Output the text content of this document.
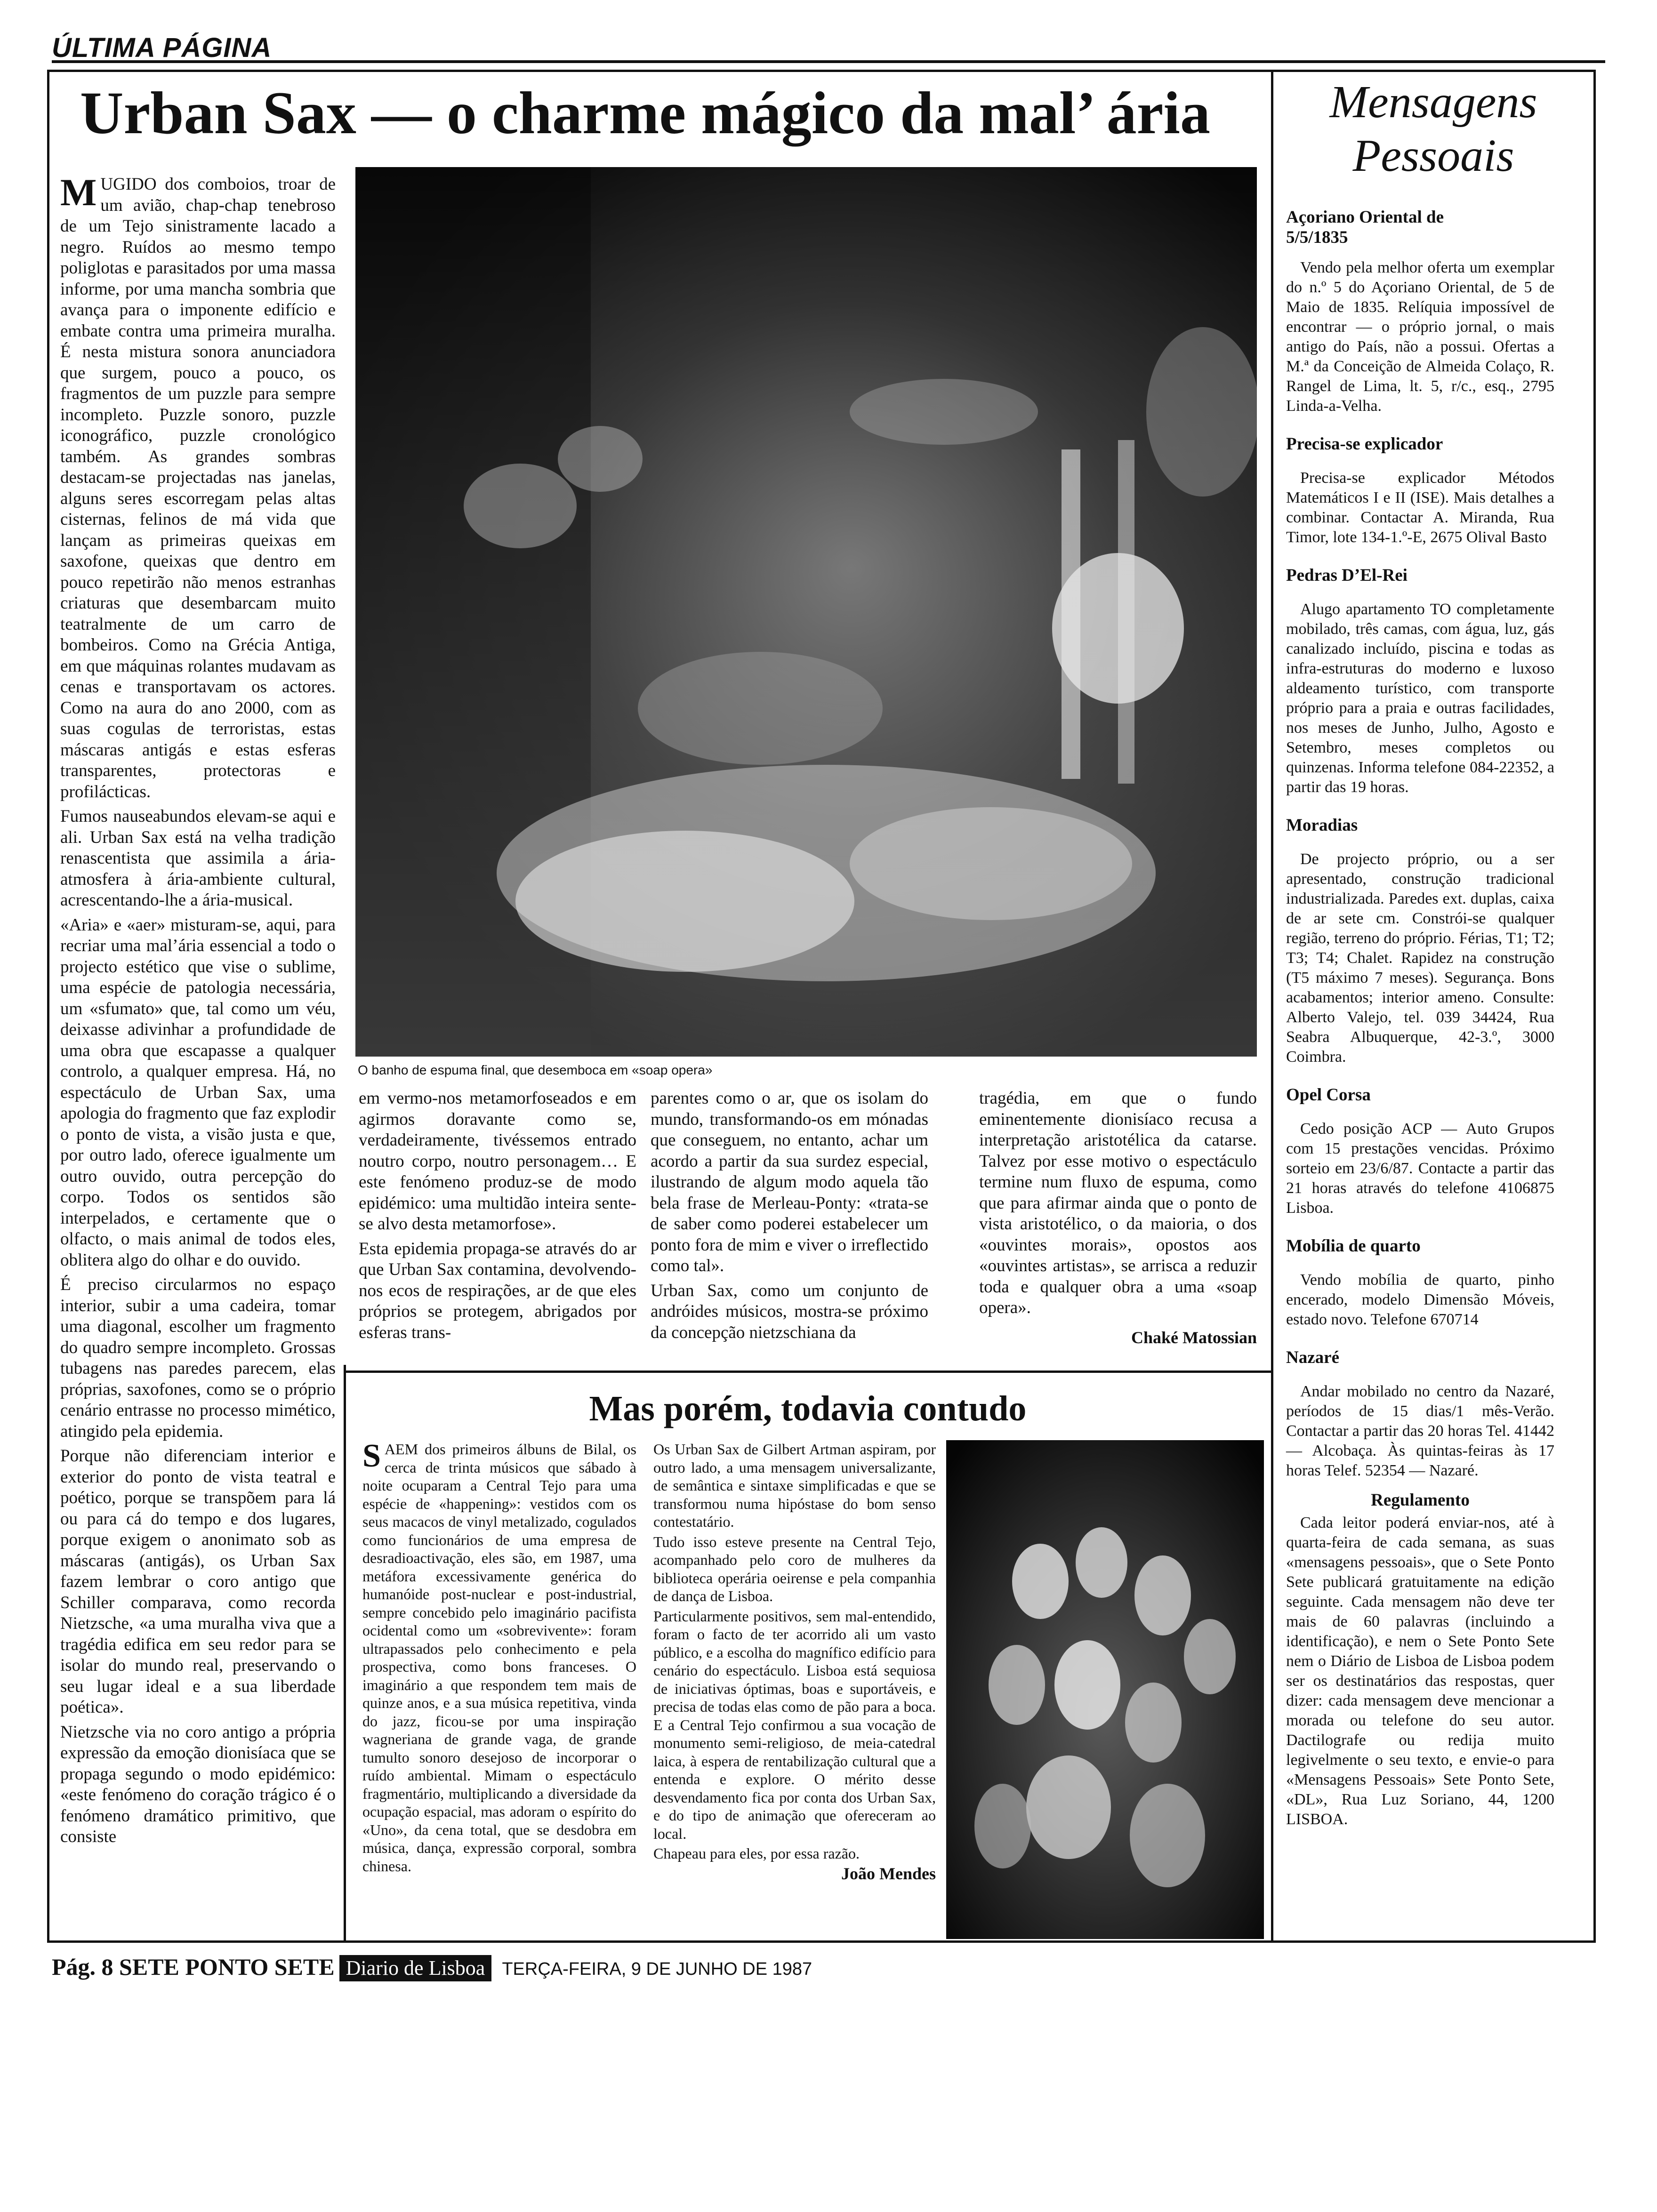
ÚLTIMA PÁGINA
Urban Sax — o charme mágico da mal’ ária

MUGIDO dos comboios, troar de um avião, chap-chap tenebroso de um Tejo sinistramente lacado a negro. Ruídos ao mesmo tempo poliglotas e parasitados por uma massa informe, por uma mancha sombria que avança para o imponente edifício e embate contra uma primeira muralha. É nesta mistura sonora anunciadora que surgem, pouco a pouco, os fragmentos de um puzzle para sempre incompleto. Puzzle sonoro, puzzle iconográfico, puzzle cronológico também. As grandes sombras destacam-se projectadas nas janelas, alguns seres escorregam pelas altas cisternas, felinos de má vida que lançam as primeiras queixas em saxofone, queixas que dentro em pouco repetirão não menos estranhas criaturas que desembarcam muito teatralmente de um carro de bombeiros. Como na Grécia Antiga, em que máquinas rolantes mudavam as cenas e transportavam os actores. Como na aura do ano 2000, com as suas cogulas de terroristas, estas máscaras antigás e estas esferas transparentes, protectoras e profilácticas.

Fumos nauseabundos elevam-se aqui e ali. Urban Sax está na velha tradição renascentista que assimila a ária-atmosfera à ária-ambiente cultural, acrescentando-lhe a ária-musical.

«Aria» e «aer» misturam-se, aqui, para recriar uma mal’ária essencial a todo o projecto estético que vise o sublime, uma espécie de patologia necessária, um «sfumato» que, tal como um véu, deixasse adivinhar a profundidade de uma obra que escapasse a qualquer controlo, a qualquer empresa. Há, no espectáculo de Urban Sax, uma apologia do fragmento que faz explodir o ponto de vista, a visão justa e que, por outro lado, oferece igualmente um outro ouvido, outra percepção do corpo. Todos os sentidos são interpelados, e certamente que o olfacto, o mais animal de todos eles, oblitera algo do olhar e do ouvido.

É preciso circularmos no espaço interior, subir a uma cadeira, tomar uma diagonal, escolher um fragmento do quadro sempre incompleto. Grossas tubagens nas paredes parecem, elas próprias, saxofones, como se o próprio cenário entrasse no processo mimético, atingido pela epidemia.

Porque não diferenciam interior e exterior do ponto de vista teatral e poético, porque se transpõem para lá ou para cá do tempo e dos lugares, porque exigem o anonimato sob as máscaras (antigás), os Urban Sax fazem lembrar o coro antigo que Schiller comparava, como recorda Nietzsche, «a uma muralha viva que a tragédia edifica em seu redor para se isolar do mundo real, preservando o seu lugar ideal e a sua liberdade poética».

Nietzsche via no coro antigo a própria expressão da emoção dionisíaca que se propaga segundo o modo epidémico: «este fenómeno do coração trágico é o fenómeno dramático primitivo, que consiste

O banho de espuma final, que desemboca em «soap opera»

em vermo-nos metamorfoseados e em agirmos doravante como se, verdadeiramente, tivéssemos entrado noutro corpo, noutro personagem… E este fenómeno produz-se de modo epidémico: uma multidão inteira sente-se alvo desta metamorfose».

Esta epidemia propaga-se através do ar que Urban Sax contamina, devolvendo-nos ecos de respirações, ar de que eles próprios se protegem, abrigados por esferas trans-

parentes como o ar, que os isolam do mundo, transformando-os em mónadas que conseguem, no entanto, achar um acordo a partir da sua surdez especial, ilustrando de algum modo aquela tão bela frase de Merleau-Ponty: «trata-se de saber como poderei estabelecer um ponto fora de mim e viver o irreflectido como tal».

Urban Sax, como um conjunto de andróides músicos, mostra-se próximo da concepção nietzschiana da

tragédia, em que o fundo eminentemente dionisíaco recusa a interpretação aristotélica da catarse. Talvez por esse motivo o espectáculo termine num fluxo de espuma, como que para afirmar ainda que o ponto de vista aristotélico, o da maioria, o dos «ouvintes morais», opostos aos «ouvintes artistas», se arrisca a reduzir toda e qualquer obra a uma «soap opera».

Chaké Matossian
Mas porém, todavia contudo

SAEM dos primeiros álbuns de Bilal, os cerca de trinta músicos que sábado à noite ocuparam a Central Tejo para uma espécie de «happening»: vestidos com os seus macacos de vinyl metalizado, cogulados como funcionários de uma empresa de desradioactivação, eles são, em 1987, uma metáfora excessivamente genérica do humanóide post-nuclear e post-industrial, sempre concebido pelo imaginário pacifista ocidental como um «sobrevivente»: foram ultrapassados pelo conhecimento e pela prospectiva, como bons franceses. O imaginário a que respondem tem mais de quinze anos, e a sua música repetitiva, vinda do jazz, ficou-se por uma inspiração wagneriana de grande vaga, de grande tumulto sonoro desejoso de incorporar o ruído ambiental. Mimam o espectáculo fragmentário, multiplicando a diversidade da ocupação espacial, mas adoram o espírito do «Uno», da cena total, que se desdobra em música, dança, expressão corporal, sombra chinesa.

Os Urban Sax de Gilbert Artman aspiram, por outro lado, a uma mensagem universalizante, de semântica e sintaxe simplificadas e que se transformou numa hipóstase do bom senso contestatário.

Tudo isso esteve presente na Central Tejo, acompanhado pelo coro de mulheres da biblioteca operária oeirense e pela companhia de dança de Lisboa.

Particularmente positivos, sem mal-entendido, foram o facto de ter acorrido ali um vasto público, e a escolha do magnífico edifício para cenário do espectáculo. Lisboa está sequiosa de iniciativas óptimas, boas e suportáveis, e precisa de todas elas como de pão para a boca. E a Central Tejo confirmou a sua vocação de monumento semi-religioso, de meia-catedral laica, à espera de rentabilização cultural que a entenda e explore. O mérito desse desvendamento fica por conta dos Urban Sax, e do tipo de animação que ofereceram ao local.

Chapeau para eles, por essa razão.

João Mendes
Mensagens Pessoais

Açoriano Oriental de 5/5/1835

Vendo pela melhor oferta um exemplar do n.º 5 do Açoriano Oriental, de 5 de Maio de 1835. Relíquia impossível de encontrar — o próprio jornal, o mais antigo do País, não a possui. Ofertas a M.ª da Conceição de Almeida Colaço, R. Rangel de Lima, lt. 5, r/c., esq., 2795 Linda-a-Velha.

Precisa-se explicador

Precisa-se explicador Métodos Matemáticos I e II (ISE). Mais detalhes a combinar. Contactar A. Miranda, Rua Timor, lote 134-1.º-E, 2675 Olival Basto

Pedras D’El-Rei

Alugo apartamento TO completamente mobilado, três camas, com água, luz, gás canalizado incluído, piscina e todas as infra-estruturas do moderno e luxoso aldeamento turístico, com transporte próprio para a praia e outras facilidades, nos meses de Junho, Julho, Agosto e Setembro, meses completos ou quinzenas. Informa telefone 084-22352, a partir das 19 horas.

Moradias

De projecto próprio, ou a ser apresentado, construção tradicional industrializada. Paredes ext. duplas, caixa de ar sete cm. Constrói-se qualquer região, terreno do próprio. Férias, T1; T2; T3; T4; Chalet. Rapidez na construção (T5 máximo 7 meses). Segurança. Bons acabamentos; interior ameno. Consulte: Alberto Valejo, tel. 039 34424, Rua Seabra Albuquerque, 42-3.º, 3000 Coimbra.

Opel Corsa

Cedo posição ACP — Auto Grupos com 15 prestações vencidas. Próximo sorteio em 23/6/87. Contacte a partir das 21 horas através do telefone 4106875 Lisboa.

Mobília de quarto

Vendo mobília de quarto, pinho encerado, modelo Dimensão Móveis, estado novo. Telefone 670714

Nazaré

Andar mobilado no centro da Nazaré, períodos de 15 dias/1 mês-Verão. Contactar a partir das 20 horas Tel. 41442 — Alcobaça. Às quintas-feiras às 17 horas Telef. 52354 — Nazaré.

Regulamento

Cada leitor poderá enviar-nos, até à quarta-feira de cada semana, as suas «mensagens pessoais», que o Sete Ponto Sete publicará gratuitamente na edição seguinte. Cada mensagem não deve ter mais de 60 palavras (incluindo a identificação), e nem o Sete Ponto Sete nem o Diário de Lisboa de Lisboa podem ser os destinatários das respostas, quer dizer: cada mensagem deve mencionar a morada ou telefone do seu autor. Dactilografe ou redija muito legivelmente o seu texto, e envie-o para «Mensagens Pessoais» Sete Ponto Sete, «DL», Rua Luz Soriano, 44, 1200 LISBOA.

Pág. 8 SETE PONTO SETE Diario de Lisboa TERÇA-FEIRA, 9 DE JUNHO DE 1987
